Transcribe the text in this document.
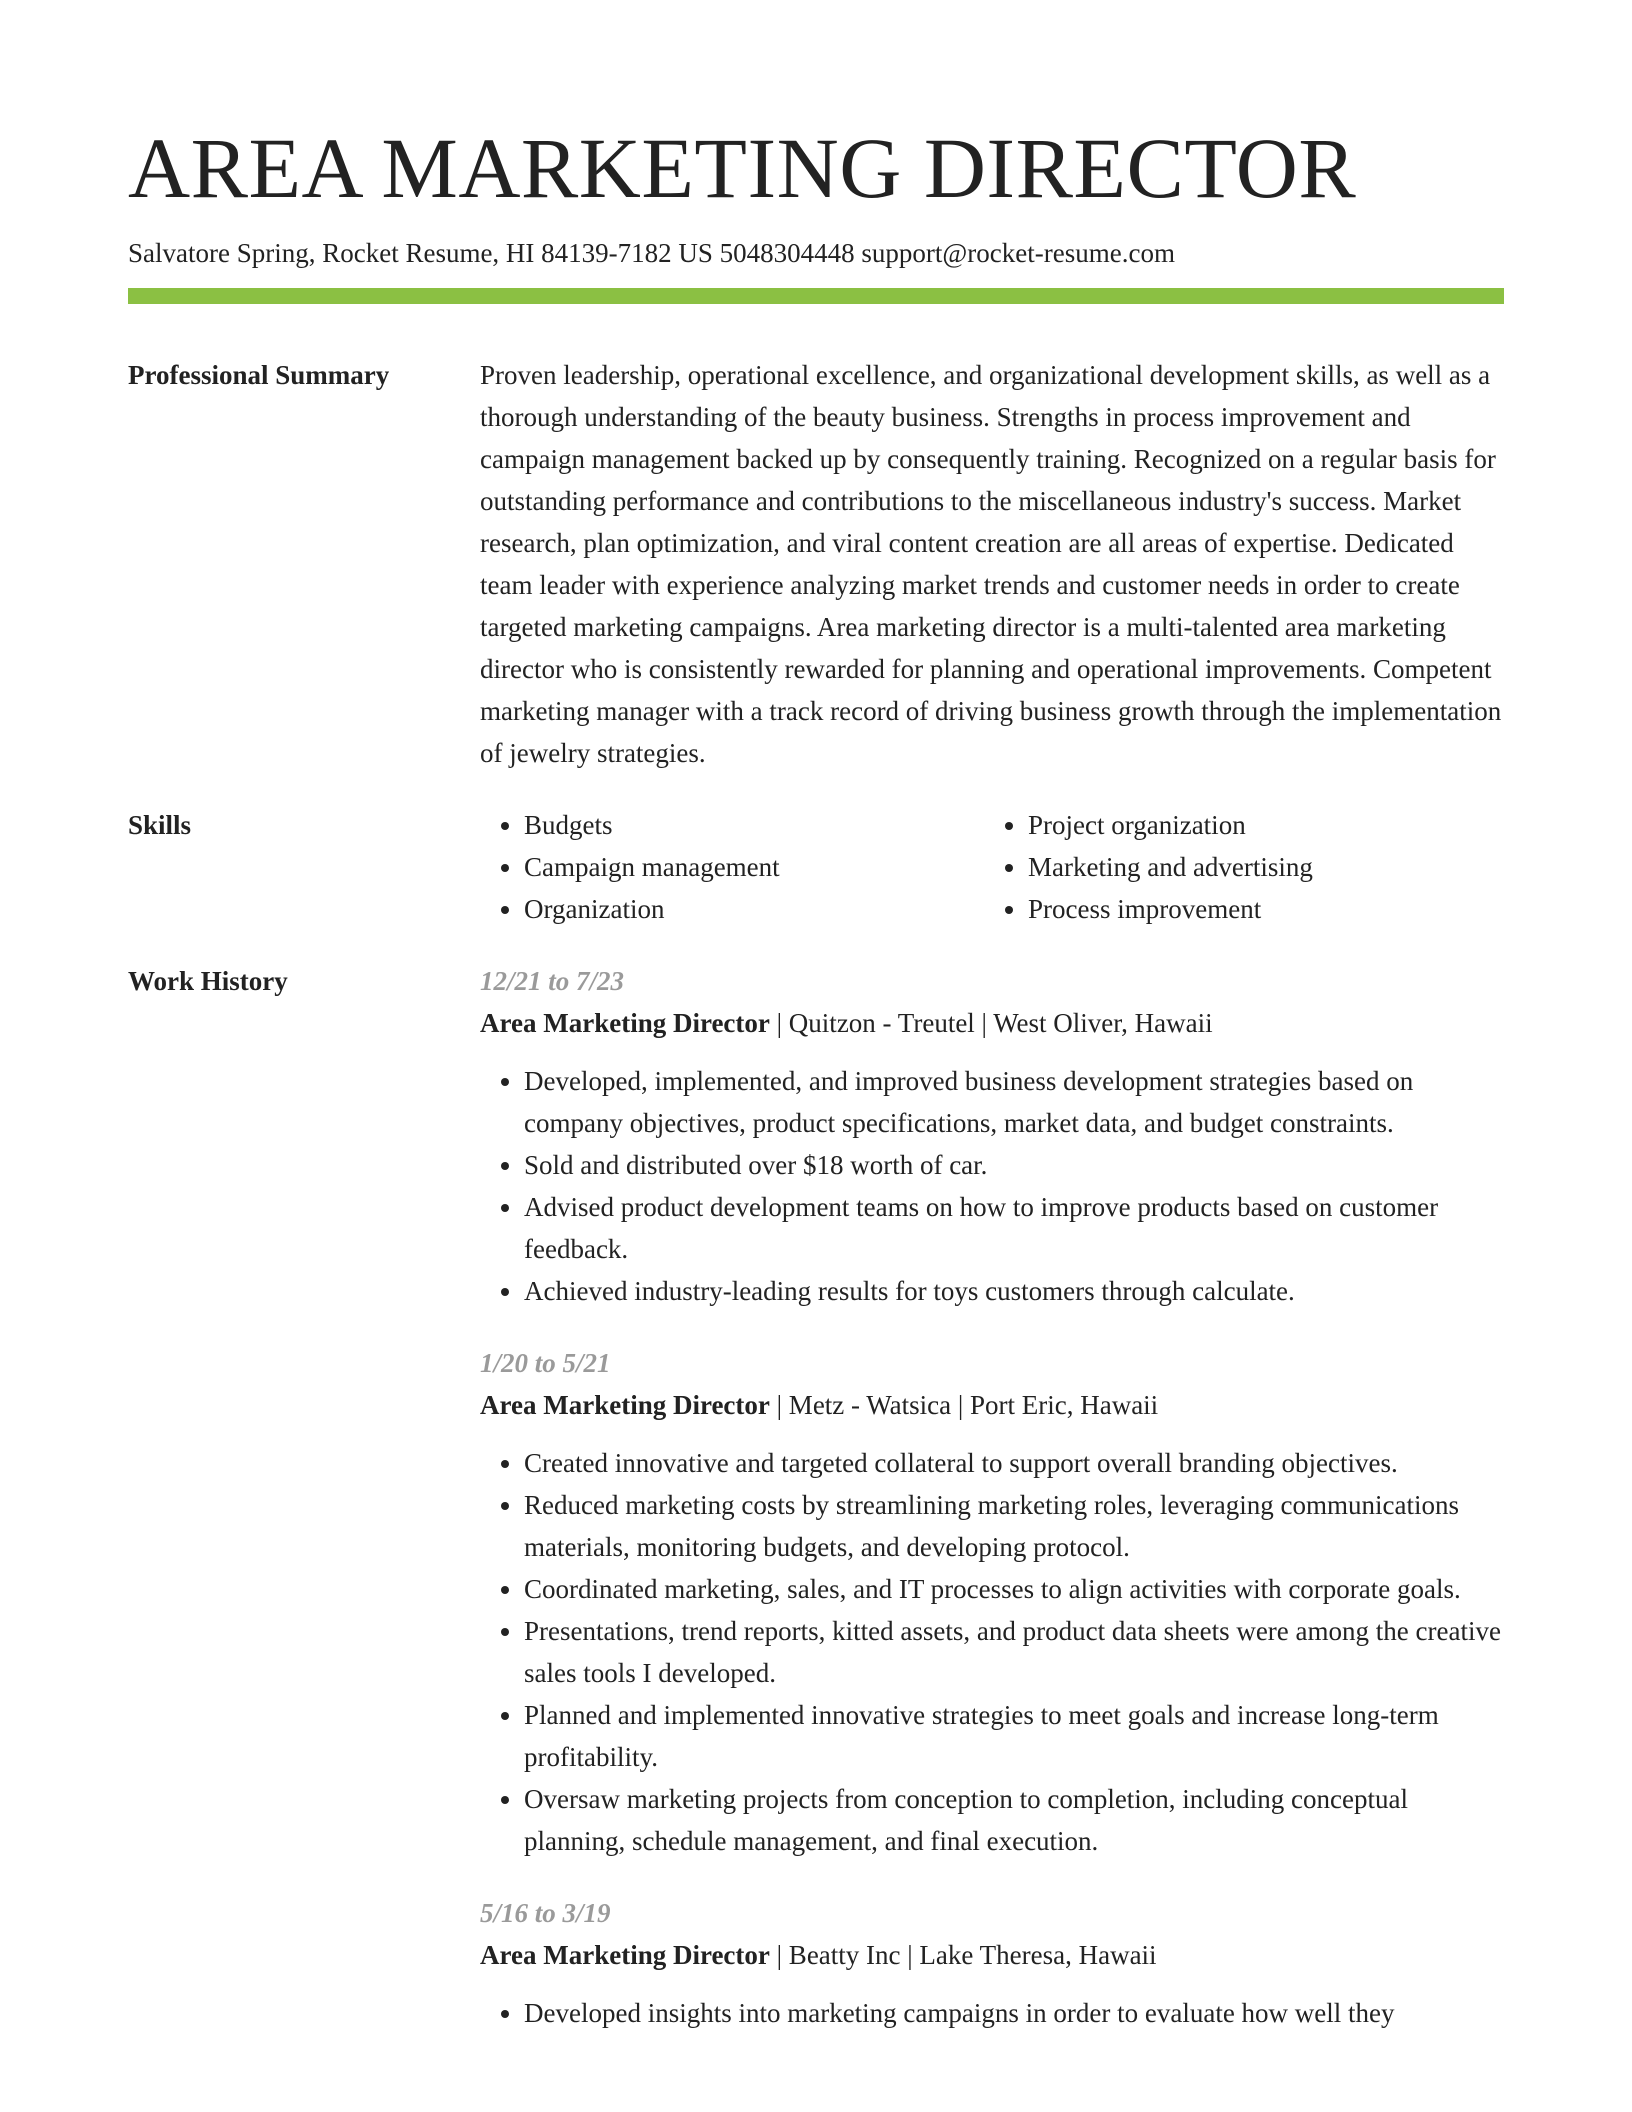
AREA MARKETING DIRECTOR
Salvatore Spring, Rocket Resume, HI 84139-7182 US 5048304448 support@rocket-resume.com
Professional Summary	Proven leadership, operational excellence, and organizational development skills, as well as a thorough understanding of the beauty business. Strengths in process improvement and campaign management backed up by consequently training. Recognized on a regular basis for outstanding performance and contributions to the miscellaneous industry's success. Market research, plan optimization, and viral content creation are all areas of expertise. Dedicated team leader with experience analyzing market trends and customer needs in order to create targeted marketing campaigns. Area marketing director is a multi-talented area marketing director who is consistently rewarded for planning and operational improvements. Competent marketing manager with a track record of driving business growth through the implementation of jewelry strategies.
Skills
•	Budgets
• Campaign management
• Organization
• Project organization
• Marketing and advertising
• Process improvement
Work History	12/21 to 7/23
Area Marketing Director | Quitzon - Treutel | West Oliver, Hawaii
• Developed, implemented, and improved business development strategies based on company objectives, product specifications, market data, and budget constraints.
• Sold and distributed over $18 worth of car.
• Advised product development teams on how to improve products based on customer feedback.
• Achieved industry-leading results for toys customers through calculate.
1/20 to 5/21
Area Marketing Director | Metz - Watsica | Port Eric, Hawaii
• Created innovative and targeted collateral to support overall branding objectives.
• Reduced marketing costs by streamlining marketing roles, leveraging communications materials, monitoring budgets, and developing protocol.
• Coordinated marketing, sales, and IT processes to align activities with corporate goals.
• Presentations, trend reports, kitted assets, and product data sheets were among the creative sales tools I developed.
• Planned and implemented innovative strategies to meet goals and increase long-term profitability.
• Oversaw marketing projects from conception to completion, including conceptual planning, schedule management, and final execution.
5/16 to 3/19
Area Marketing Director | Beatty Inc | Lake Theresa, Hawaii
• Developed insights into marketing campaigns in order to evaluate how well they
